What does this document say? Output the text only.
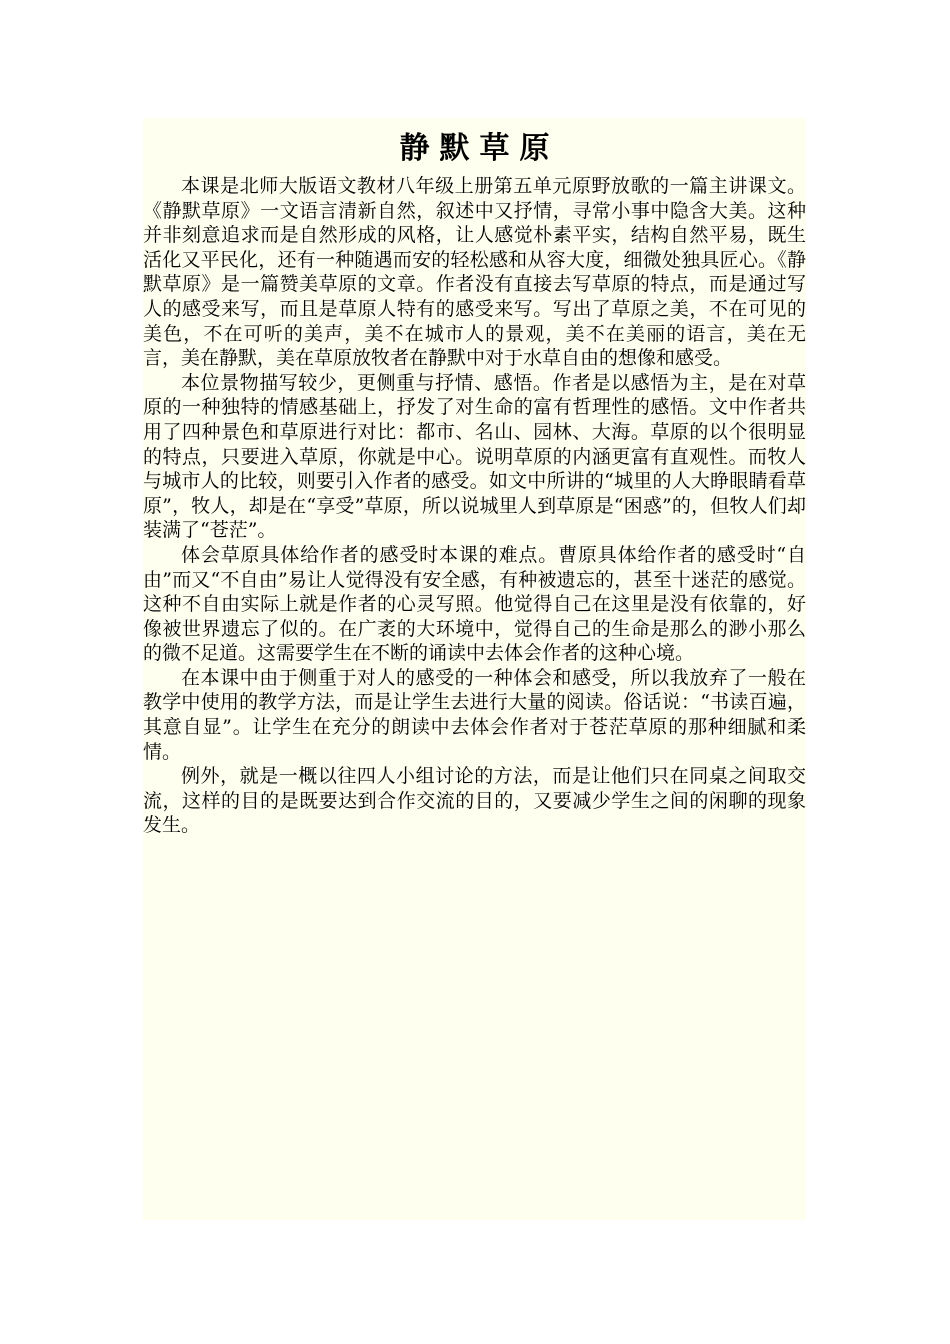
静默草原

本课是北师大版语文教材八年级上册第五单元原野放歌的一篇主讲课文。《静默草原》一文语言清新自然，叙述中又抒情，寻常小事中隐含大美。这种并非刻意追求而是自然形成的风格，让人感觉朴素平实，结构自然平易，既生活化又平民化，还有一种随遇而安的轻松感和从容大度，细微处独具匠心。《静默草原》是一篇赞美草原的文章。作者没有直接去写草原的特点，而是通过写人的感受来写，而且是草原人特有的感受来写。写出了草原之美，不在可见的美色，不在可听的美声，美不在城市人的景观，美不在美丽的语言，美在无言，美在静默，美在草原放牧者在静默中对于水草自由的想像和感受。

本位景物描写较少，更侧重与抒情、感悟。作者是以感悟为主，是在对草原的一种独特的情感基础上，抒发了对生命的富有哲理性的感悟。文中作者共用了四种景色和草原进行对比：都市、名山、园林、大海。草原的以个很明显的特点，只要进入草原，你就是中心。说明草原的内涵更富有直观性。而牧人与城市人的比较，则要引入作者的感受。如文中所讲的“城里的人大睁眼睛看草原”，牧人，却是在“享受”草原，所以说城里人到草原是“困惑”的，但牧人们却装满了“苍茫”。

体会草原具体给作者的感受时本课的难点。曹原具体给作者的感受时“自由”而又“不自由”易让人觉得没有安全感，有种被遗忘的，甚至十迷茫的感觉。这种不自由实际上就是作者的心灵写照。他觉得自己在这里是没有依靠的，好像被世界遗忘了似的。在广袤的大环境中，觉得自己的生命是那么的渺小那么的微不足道。这需要学生在不断的诵读中去体会作者的这种心境。

在本课中由于侧重于对人的感受的一种体会和感受，所以我放弃了一般在教学中使用的教学方法，而是让学生去进行大量的阅读。俗话说：“书读百遍，其意自显”。让学生在充分的朗读中去体会作者对于苍茫草原的那种细腻和柔情。

例外，就是一概以往四人小组讨论的方法，而是让他们只在同桌之间取交流，这样的目的是既要达到合作交流的目的，又要减少学生之间的闲聊的现象发生。
